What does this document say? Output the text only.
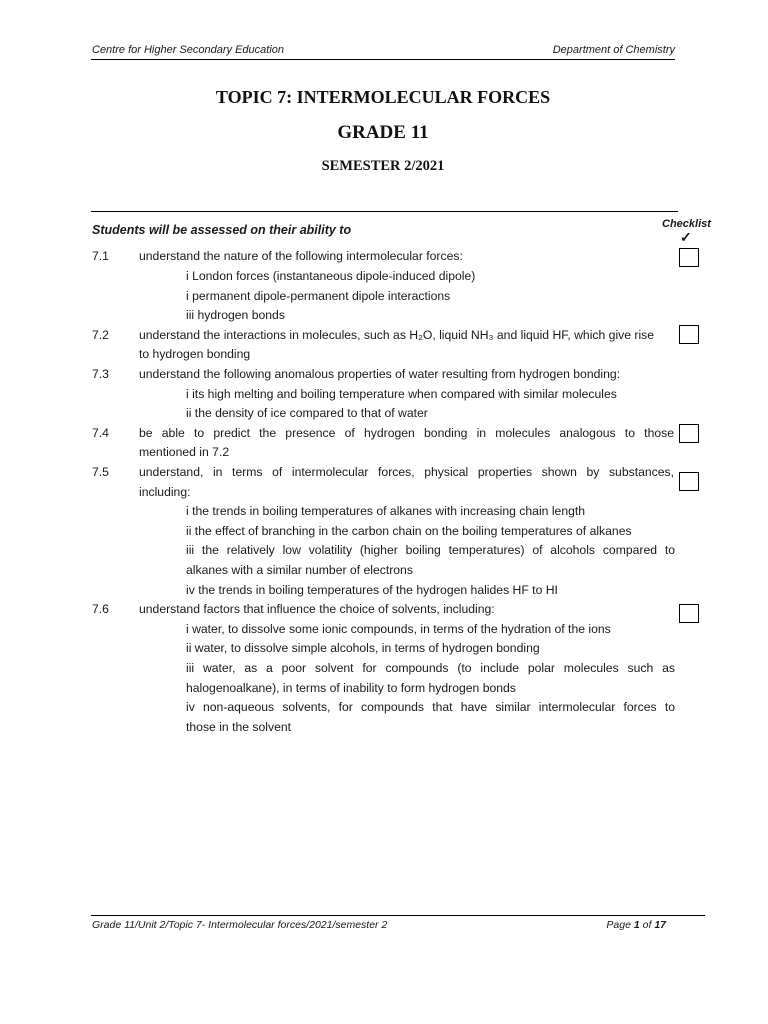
Centre for Higher Secondary Education	Department of Chemistry
TOPIC 7: INTERMOLECULAR FORCES
GRADE 11
SEMESTER 2/2021
Students will be assessed on their ability to	Checklist
✓
7.1 understand the nature of the following intermolecular forces:
i London forces (instantaneous dipole-induced dipole)
i permanent dipole-permanent dipole interactions
iii hydrogen bonds
7.2 understand the interactions in molecules, such as H₂O, liquid NH₃ and liquid HF, which give rise
to hydrogen bonding
7.3 understand the following anomalous properties of water resulting from hydrogen bonding:
i its high melting and boiling temperature when compared with similar molecules
ii the density of ice compared to that of water
7.4 be able to predict the presence of hydrogen bonding in molecules analogous to those
mentioned in 7.2
7.5 understand, in terms of intermolecular forces, physical properties shown by substances,
including:
i the trends in boiling temperatures of alkanes with increasing chain length
ii the effect of branching in the carbon chain on the boiling temperatures of alkanes
iii the relatively low volatility (higher boiling temperatures) of alcohols compared to
alkanes with a similar number of electrons
iv the trends in boiling temperatures of the hydrogen halides HF to HI
7.6 understand factors that influence the choice of solvents, including:
i water, to dissolve some ionic compounds, in terms of the hydration of the ions
ii water, to dissolve simple alcohols, in terms of hydrogen bonding
iii water, as a poor solvent for compounds (to include polar molecules such as
halogenoalkane), in terms of inability to form hydrogen bonds
iv non-aqueous solvents, for compounds that have similar intermolecular forces to
those in the solvent
Grade 11/Unit 2/Topic 7- Intermolecular forces/2021/semester 2	Page 1 of 17
